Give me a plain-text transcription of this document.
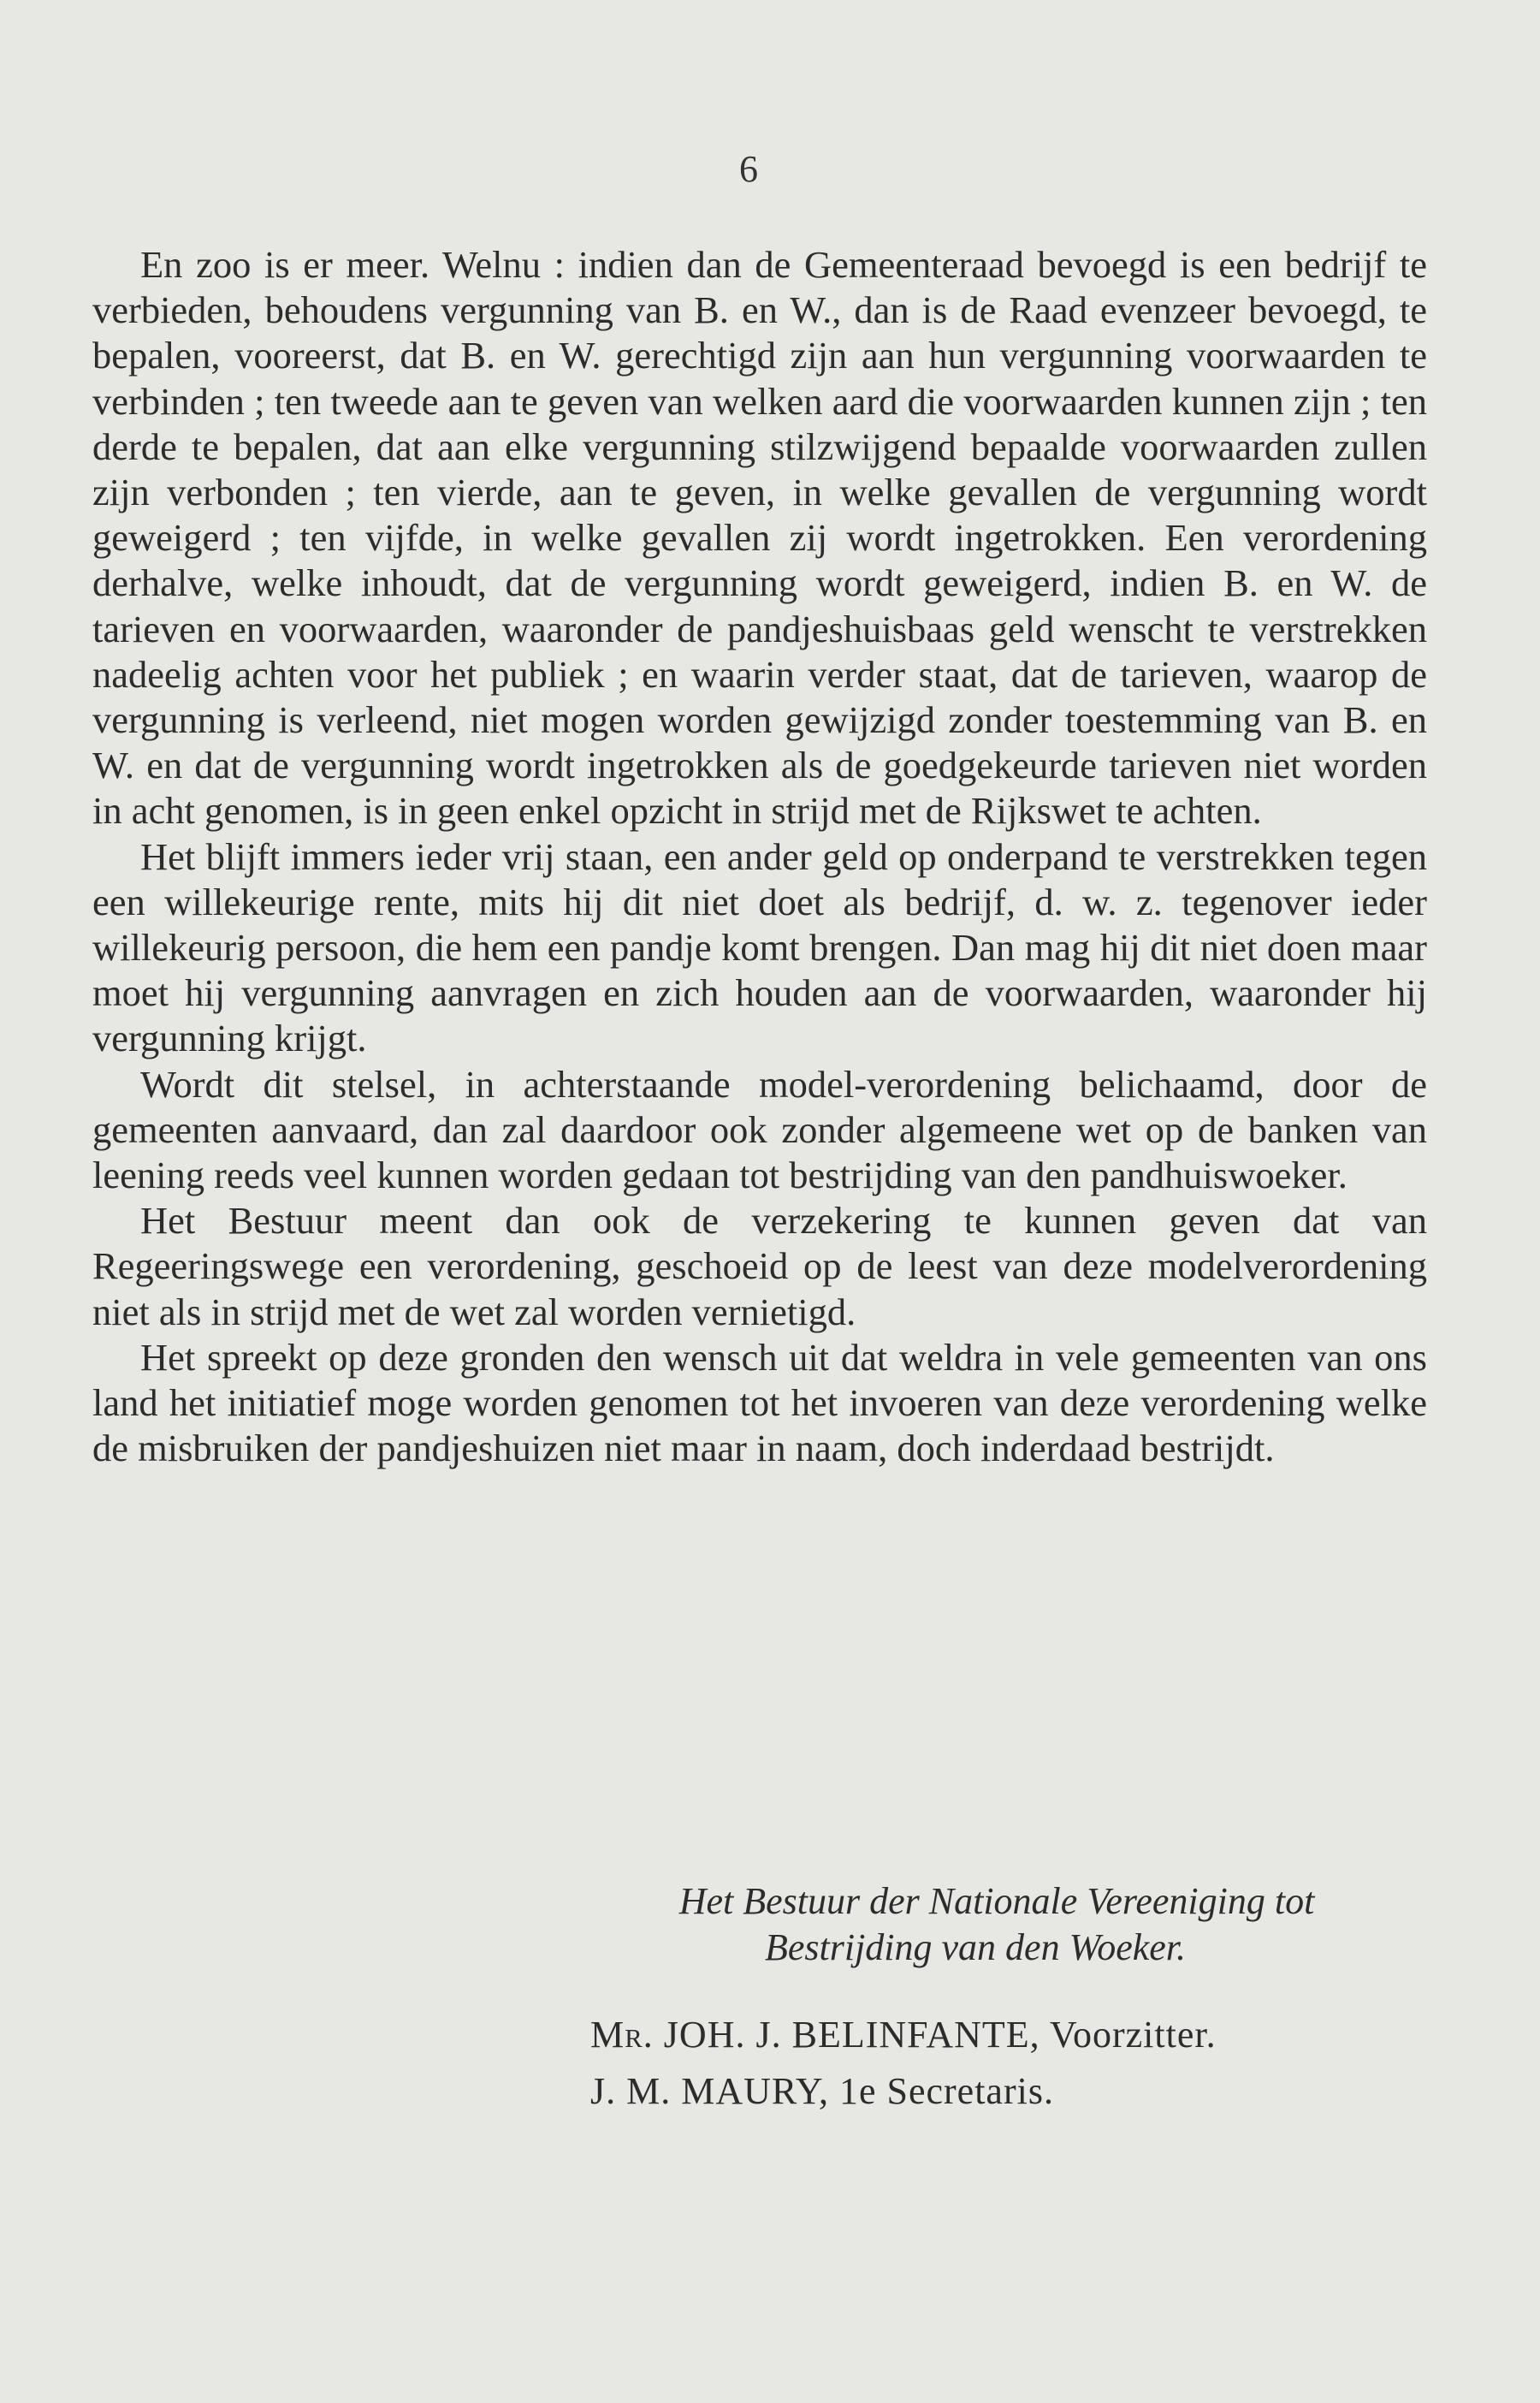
6

En zoo is er meer. Welnu : indien dan de Gemeenteraad bevoegd is een bedrijf te verbieden, behoudens vergunning van B. en W., dan is de Raad evenzeer bevoegd, te bepalen, vooreerst, dat B. en W. gerechtigd zijn aan hun vergunning voorwaarden te verbinden ; ten tweede aan te geven van welken aard die voorwaarden kunnen zijn ; ten derde te bepalen, dat aan elke vergunning stilzwijgend bepaalde voorwaarden zullen zijn verbonden ; ten vierde, aan te geven, in welke gevallen de vergunning wordt geweigerd ; ten vijfde, in welke gevallen zij wordt ingetrokken. Een verordening derhalve, welke inhoudt, dat de vergunning wordt geweigerd, indien B. en W. de tarieven en voorwaarden, waaronder de pandjeshuisbaas geld wenscht te verstrekken nadeelig achten voor het publiek ; en waarin verder staat, dat de tarieven, waarop de vergunning is verleend, niet mogen worden gewijzigd zonder toestemming van B. en W. en dat de vergunning wordt ingetrokken als de goedgekeurde tarieven niet worden in acht genomen, is in geen enkel opzicht in strijd met de Rijkswet te achten.

Het blijft immers ieder vrij staan, een ander geld op onderpand te verstrekken tegen een willekeurige rente, mits hij dit niet doet als bedrijf, d. w. z. tegenover ieder willekeurig persoon, die hem een pandje komt brengen. Dan mag hij dit niet doen maar moet hij vergunning aanvragen en zich houden aan de voorwaarden, waaronder hij vergunning krijgt.

Wordt dit stelsel, in achterstaande model-verordening belichaamd, door de gemeenten aanvaard, dan zal daardoor ook zonder algemeene wet op de banken van leening reeds veel kunnen worden gedaan tot bestrijding van den pandhuiswoeker.

Het Bestuur meent dan ook de verzekering te kunnen geven dat van Regeeringswege een verordening, geschoeid op de leest van deze modelverordening niet als in strijd met de wet zal worden vernietigd.

Het spreekt op deze gronden den wensch uit dat weldra in vele gemeenten van ons land het initiatief moge worden genomen tot het invoeren van deze verordening welke de misbruiken der pandjeshuizen niet maar in naam, doch inderdaad bestrijdt.

Het Bestuur der Nationale Vereeniging tot
Bestrijding van den Woeker.
Mr. JOH. J. BELINFANTE, Voorzitter.
J. M. MAURY, 1e Secretaris.
